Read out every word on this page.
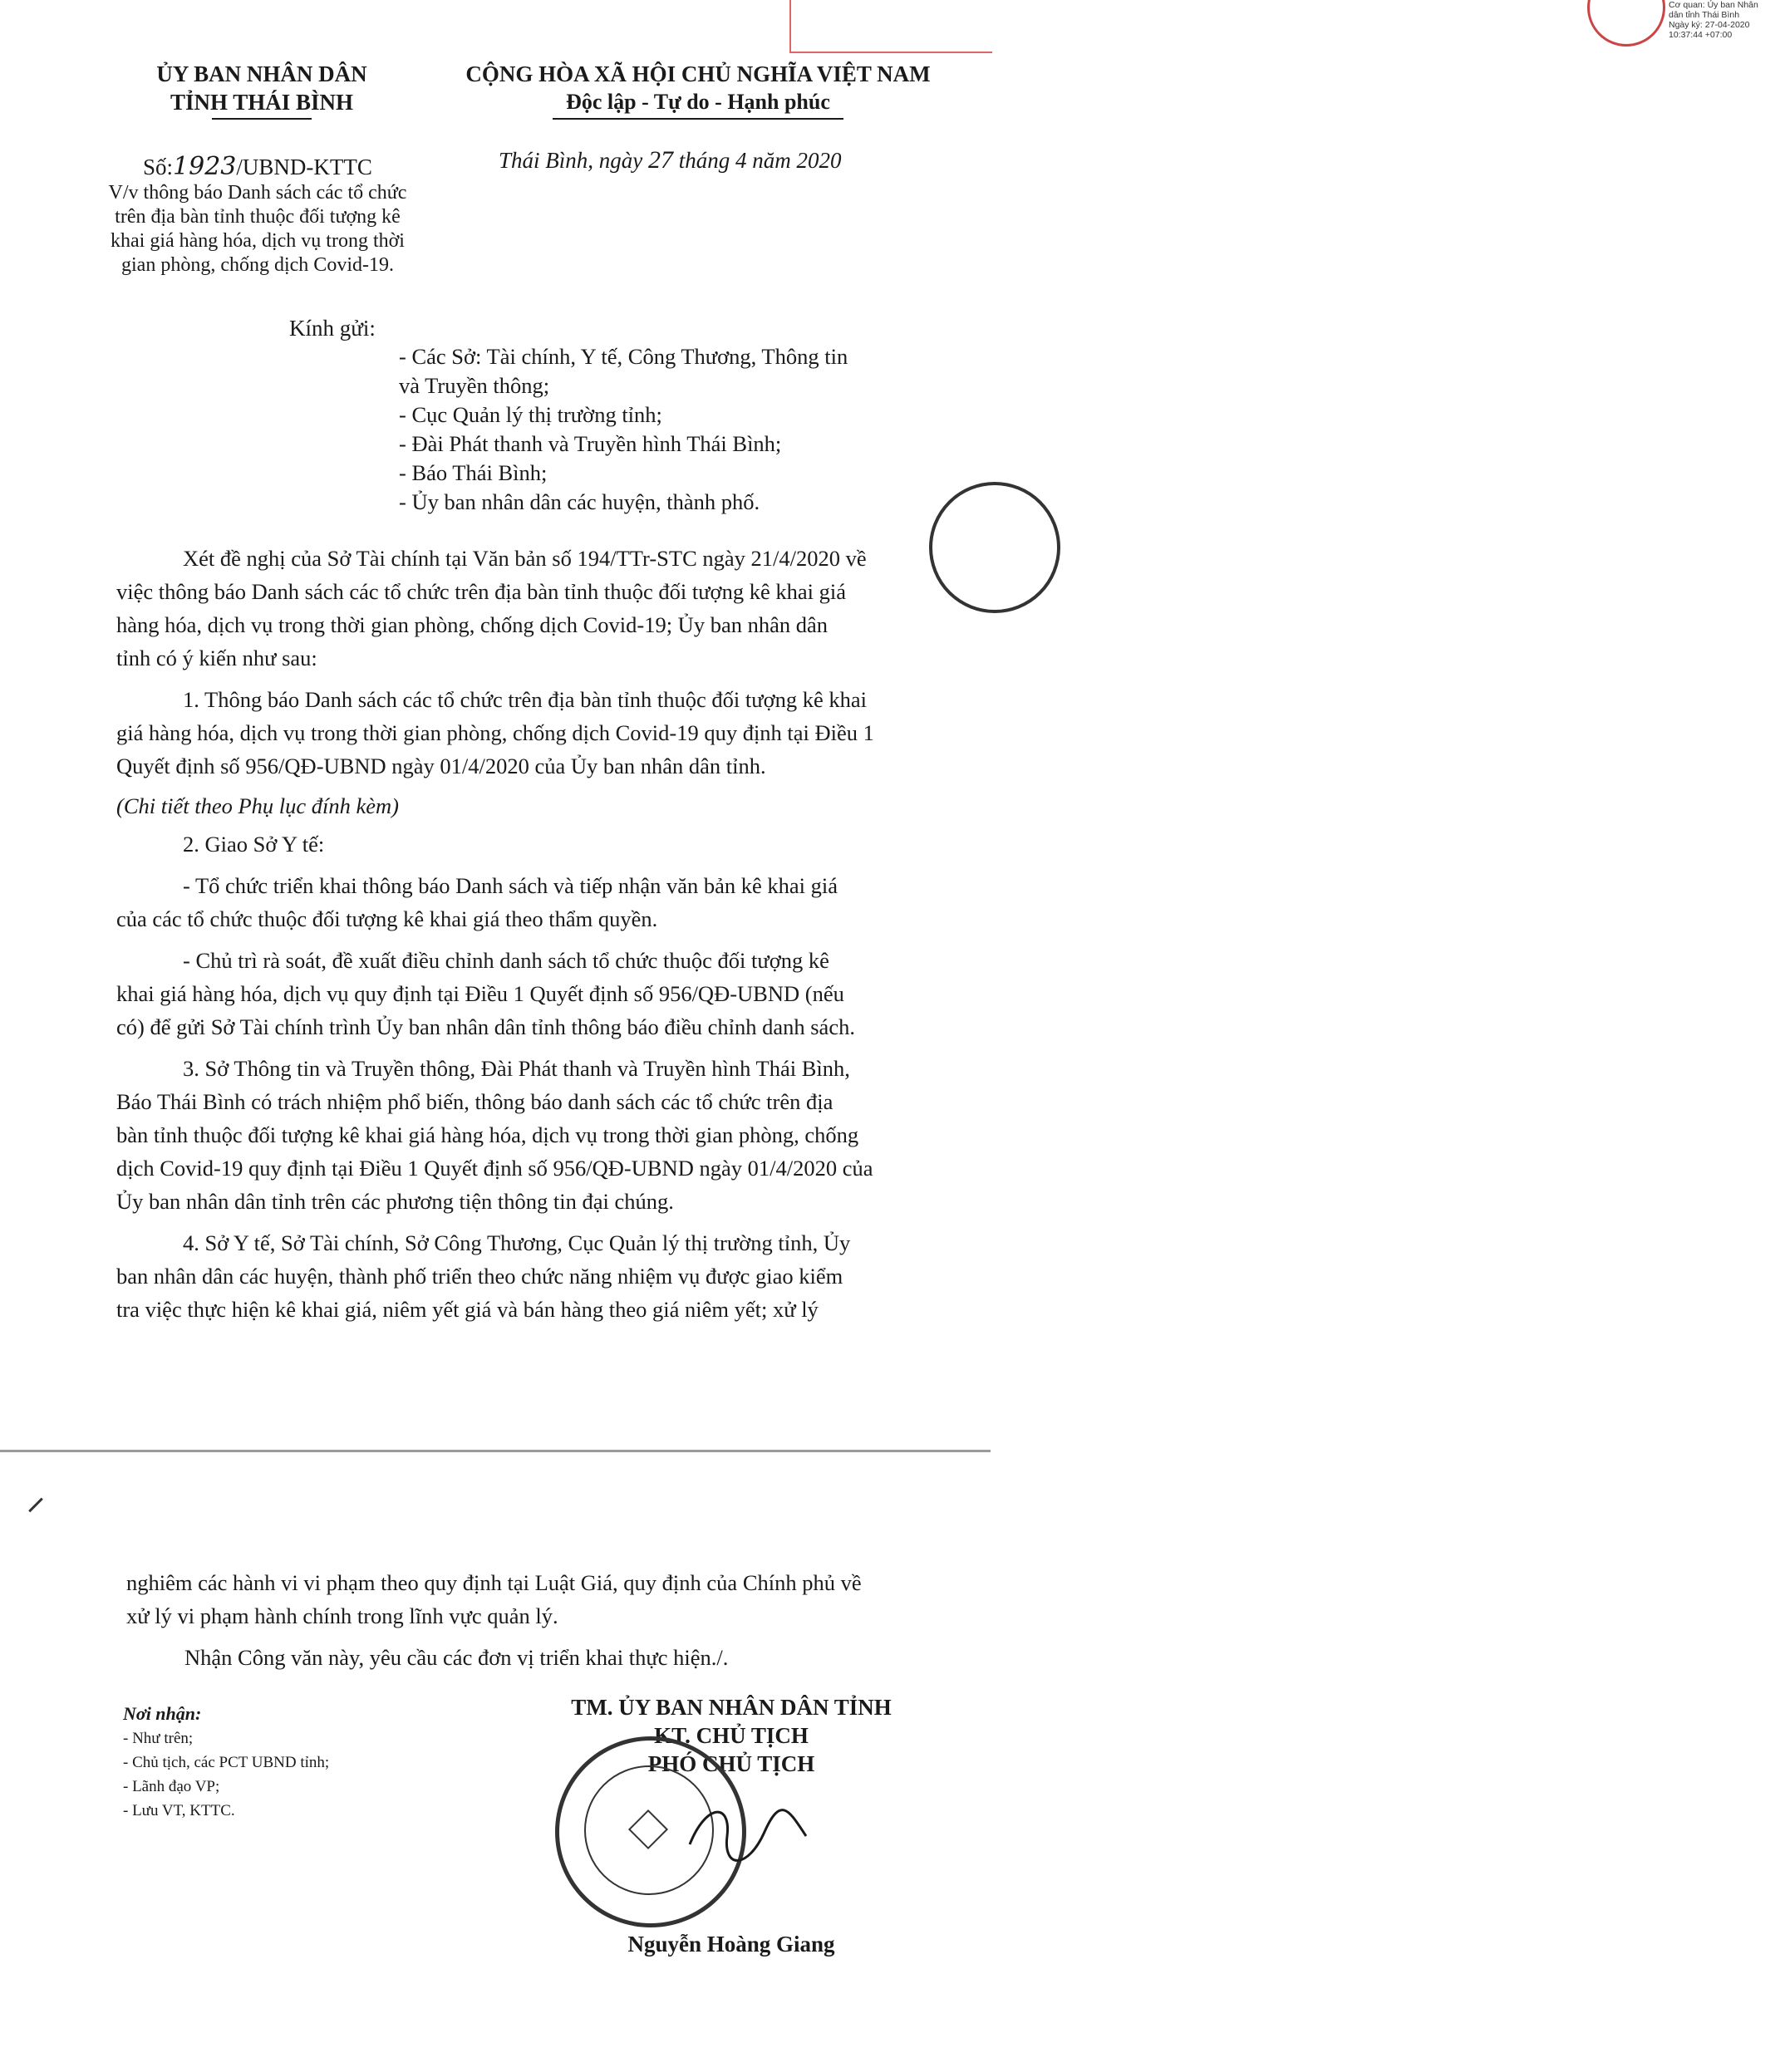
Cơ quan: Ủy ban Nhân
dân tỉnh Thái Bình
Ngày ký: 27-04-2020
10:37:44 +07:00
ỦY BAN NHÂN DÂN
TỈNH THÁI BÌNH
CỘNG HÒA XÃ HỘI CHỦ NGHĨA VIỆT NAM
Độc lập - Tự do - Hạnh phúc
Số:1923/UBND-KTTC	Thái Bình, ngày 27 tháng 4 năm 2020
V/v thông báo Danh sách các tổ chức
trên địa bàn tỉnh thuộc đối tượng kê
khai giá hàng hóa, dịch vụ trong thời
gian phòng, chống dịch Covid-19.
Kính gửi:
- Các Sở: Tài chính, Y tế, Công Thương, Thông tin
và Truyền thông;
- Cục Quản lý thị trường tỉnh;
- Đài Phát thanh và Truyền hình Thái Bình;
- Báo Thái Bình;
- Ủy ban nhân dân các huyện, thành phố.
Xét đề nghị của Sở Tài chính tại Văn bản số 194/TTr-STC ngày 21/4/2020 về
việc thông báo Danh sách các tổ chức trên địa bàn tỉnh thuộc đối tượng kê khai giá
hàng hóa, dịch vụ trong thời gian phòng, chống dịch Covid-19; Ủy ban nhân dân
tỉnh có ý kiến như sau:
1. Thông báo Danh sách các tổ chức trên địa bàn tỉnh thuộc đối tượng kê khai
giá hàng hóa, dịch vụ trong thời gian phòng, chống dịch Covid-19 quy định tại Điều 1
Quyết định số 956/QĐ-UBND ngày 01/4/2020 của Ủy ban nhân dân tỉnh.
(Chi tiết theo Phụ lục đính kèm)
2. Giao Sở Y tế:
- Tổ chức triển khai thông báo Danh sách và tiếp nhận văn bản kê khai giá
của các tổ chức thuộc đối tượng kê khai giá theo thẩm quyền.
- Chủ trì rà soát, đề xuất điều chỉnh danh sách tổ chức thuộc đối tượng kê
khai giá hàng hóa, dịch vụ quy định tại Điều 1 Quyết định số 956/QĐ-UBND (nếu
có) để gửi Sở Tài chính trình Ủy ban nhân dân tỉnh thông báo điều chỉnh danh sách.
3. Sở Thông tin và Truyền thông, Đài Phát thanh và Truyền hình Thái Bình,
Báo Thái Bình có trách nhiệm phổ biến, thông báo danh sách các tổ chức trên địa
bàn tỉnh thuộc đối tượng kê khai giá hàng hóa, dịch vụ trong thời gian phòng, chống
dịch Covid-19 quy định tại Điều 1 Quyết định số 956/QĐ-UBND ngày 01/4/2020 của
Ủy ban nhân dân tỉnh trên các phương tiện thông tin đại chúng.
4. Sở Y tế, Sở Tài chính, Sở Công Thương, Cục Quản lý thị trường tỉnh, Ủy
ban nhân dân các huyện, thành phố triển theo chức năng nhiệm vụ được giao kiểm
tra việc thực hiện kê khai giá, niêm yết giá và bán hàng theo giá niêm yết; xử lý
nghiêm các hành vi vi phạm theo quy định tại Luật Giá, quy định của Chính phủ về
xử lý vi phạm hành chính trong lĩnh vực quản lý.
Nhận Công văn này, yêu cầu các đơn vị triển khai thực hiện./.
Nơi nhận:
- Như trên;
- Chủ tịch, các PCT UBND tỉnh;
- Lãnh đạo VP;
- Lưu VT, KTTC.
TM. ỦY BAN NHÂN DÂN TỈNH
KT. CHỦ TỊCH
PHÓ CHỦ TỊCH
Nguyễn Hoàng Giang
